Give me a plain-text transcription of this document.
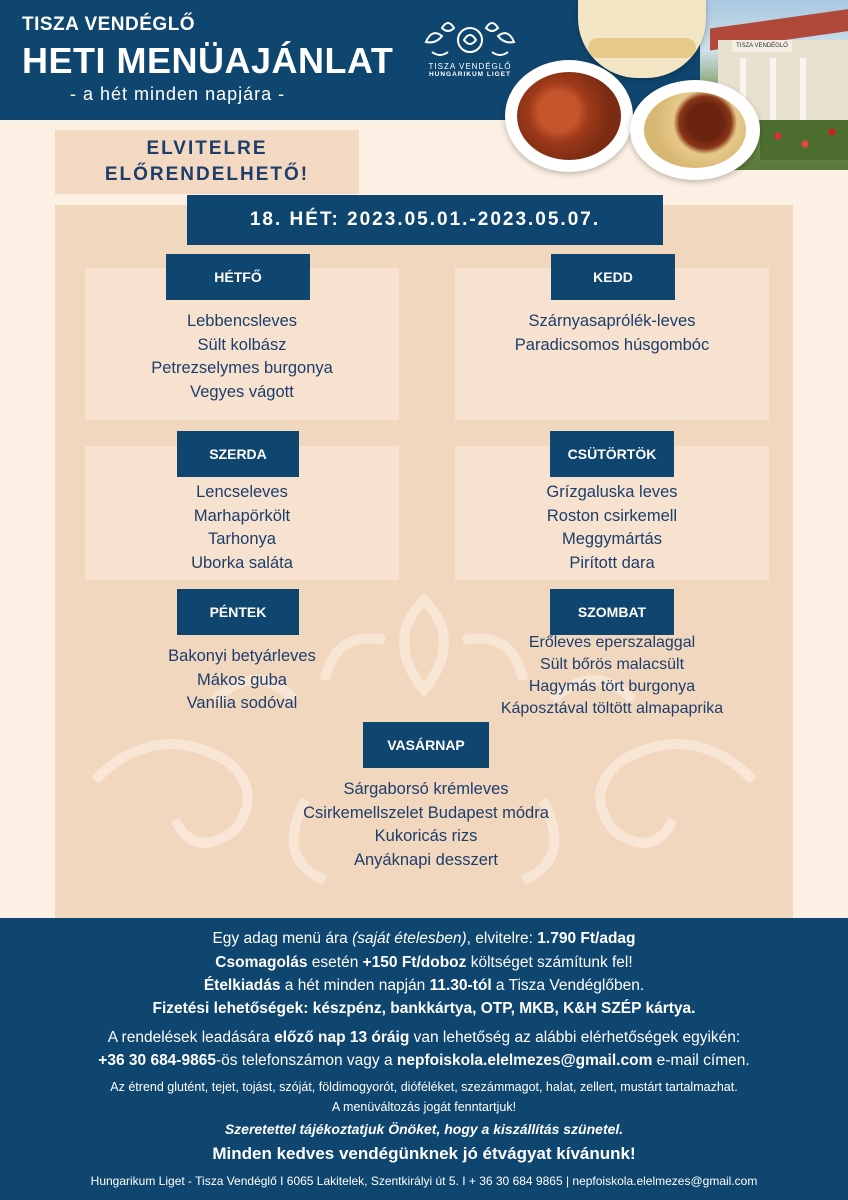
TISZA VENDÉGLŐ
HETI MENÜAJÁNLAT
- a hét minden napjára -
TISZA VENDÉGLŐ
HUNGARIKUM LIGET
TISZA VENDÉGLŐ
ELVITELRE
ELŐRENDELHETŐ!
18. HÉT: 2023.05.01.-2023.05.07.
HÉTFŐ
Lebbencsleves
Sült kolbász
Petrezselymes burgonya
Vegyes vágott
KEDD
Szárnyasaprólék-leves
Paradicsomos húsgombóc
SZERDA
Lencseleves
Marhapörkölt
Tarhonya
Uborka saláta
CSÜTÖRTÖK
Grízgaluska leves
Roston csirkemell
Meggymártás
Pirított dara
PÉNTEK
Bakonyi betyárleves
Mákos guba
Vanília sodóval
SZOMBAT
Erőleves eperszalaggal
Sült bőrös malacsült
Hagymás tört burgonya
Káposztával töltött almapaprika
VASÁRNAP
Sárgaborsó krémleves
Csirkemellszelet Budapest módra
Kukoricás rizs
Anyáknapi desszert
Egy adag menü ára (saját ételesben), elvitelre: 1.790 Ft/adag
Csomagolás esetén +150 Ft/doboz költséget számítunk fel!
Ételkiadás a hét minden napján 11.30-tól a Tisza Vendéglőben.
Fizetési lehetőségek: készpénz, bankkártya, OTP, MKB, K&H SZÉP kártya.
A rendelések leadására előző nap 13 óráig van lehetőség az alábbi elérhetőségek egyikén:
+36 30 684-9865-ös telefonszámon vagy a nepfoiskola.elelmezes@gmail.com e-mail címen.
Az étrend glutént, tejet, tojást, szóját, földimogyorót, dióféléket, szezámmagot, halat, zellert, mustárt tartalmazhat.
A menüváltozás jogát fenntartjuk!
Szeretettel tájékoztatjuk Önöket, hogy a kiszállítás szünetel.
Minden kedves vendégünknek jó étvágyat kívánunk!
Hungarikum Liget - Tisza Vendéglő I 6065 Lakitelek, Szentkirályi út 5. I + 36 30 684 9865 | nepfoiskola.elelmezes@gmail.com
